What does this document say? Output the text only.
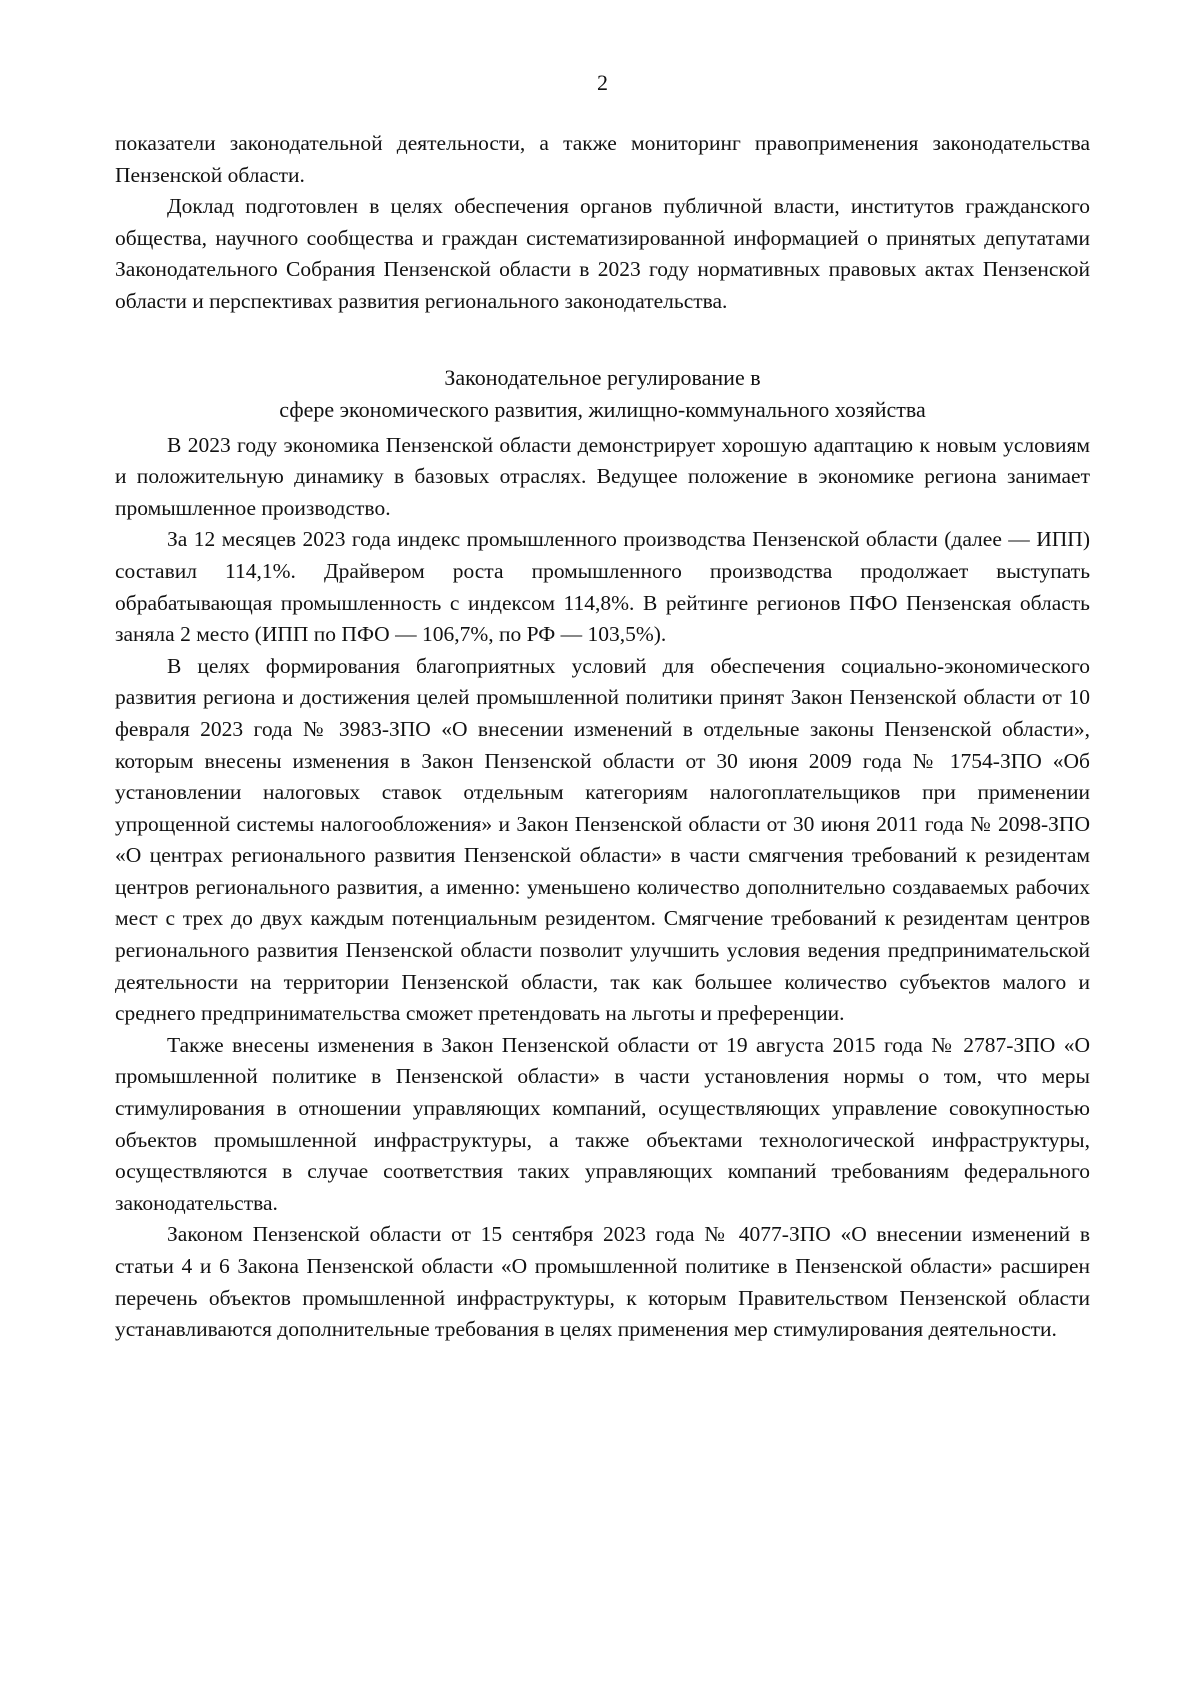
2

показатели законодательной деятельности, а также мониторинг правоприменения законодательства Пензенской области.

Доклад подготовлен в целях обеспечения органов публичной власти, институтов гражданского общества, научного сообщества и граждан систематизированной информацией о принятых депутатами Законодательного Собрания Пензенской области в 2023 году нормативных правовых актах Пензенской области и перспективах развития регионального законодательства.

Законодательное регулирование в
сфере экономического развития, жилищно-коммунального хозяйства

В 2023 году экономика Пензенской области демонстрирует хорошую адаптацию к новым условиям и положительную динамику в базовых отраслях. Ведущее положение в экономике региона занимает промышленное производство.

За 12 месяцев 2023 года индекс промышленного производства Пензенской области (далее — ИПП) составил 114,1%. Драйвером роста промышленного производства продолжает выступать обрабатывающая промышленность с индексом 114,8%. В рейтинге регионов ПФО Пензенская область заняла 2 место (ИПП по ПФО — 106,7%, по РФ — 103,5%).

В целях формирования благоприятных условий для обеспечения социально-экономического развития региона и достижения целей промышленной политики принят Закон Пензенской области от 10 февраля 2023 года № 3983-ЗПО «О внесении изменений в отдельные законы Пензенской области», которым внесены изменения в Закон Пензенской области от 30 июня 2009 года № 1754-ЗПО «Об установлении налоговых ставок отдельным категориям налогоплательщиков при применении упрощенной системы налогообложения» и Закон Пензенской области от 30 июня 2011 года № 2098-ЗПО «О центрах регионального развития Пензенской области» в части смягчения требований к резидентам центров регионального развития, а именно: уменьшено количество дополнительно создаваемых рабочих мест с трех до двух каждым потенциальным резидентом. Смягчение требований к резидентам центров регионального развития Пензенской области позволит улучшить условия ведения предпринимательской деятельности на территории Пензенской области, так как большее количество субъектов малого и среднего предпринимательства сможет претендовать на льготы и преференции.

Также внесены изменения в Закон Пензенской области от 19 августа 2015 года № 2787-ЗПО «О промышленной политике в Пензенской области» в части установления нормы о том, что меры стимулирования в отношении управляющих компаний, осуществляющих управление совокупностью объектов промышленной инфраструктуры, а также объектами технологической инфраструктуры, осуществляются в случае соответствия таких управляющих компаний требованиям федерального законодательства.

Законом Пензенской области от 15 сентября 2023 года № 4077-ЗПО «О внесении изменений в статьи 4 и 6 Закона Пензенской области «О промышленной политике в Пензенской области» расширен перечень объектов промышленной инфраструктуры, к которым Правительством Пензенской области устанавливаются дополнительные требования в целях применения мер стимулирования деятельности.
